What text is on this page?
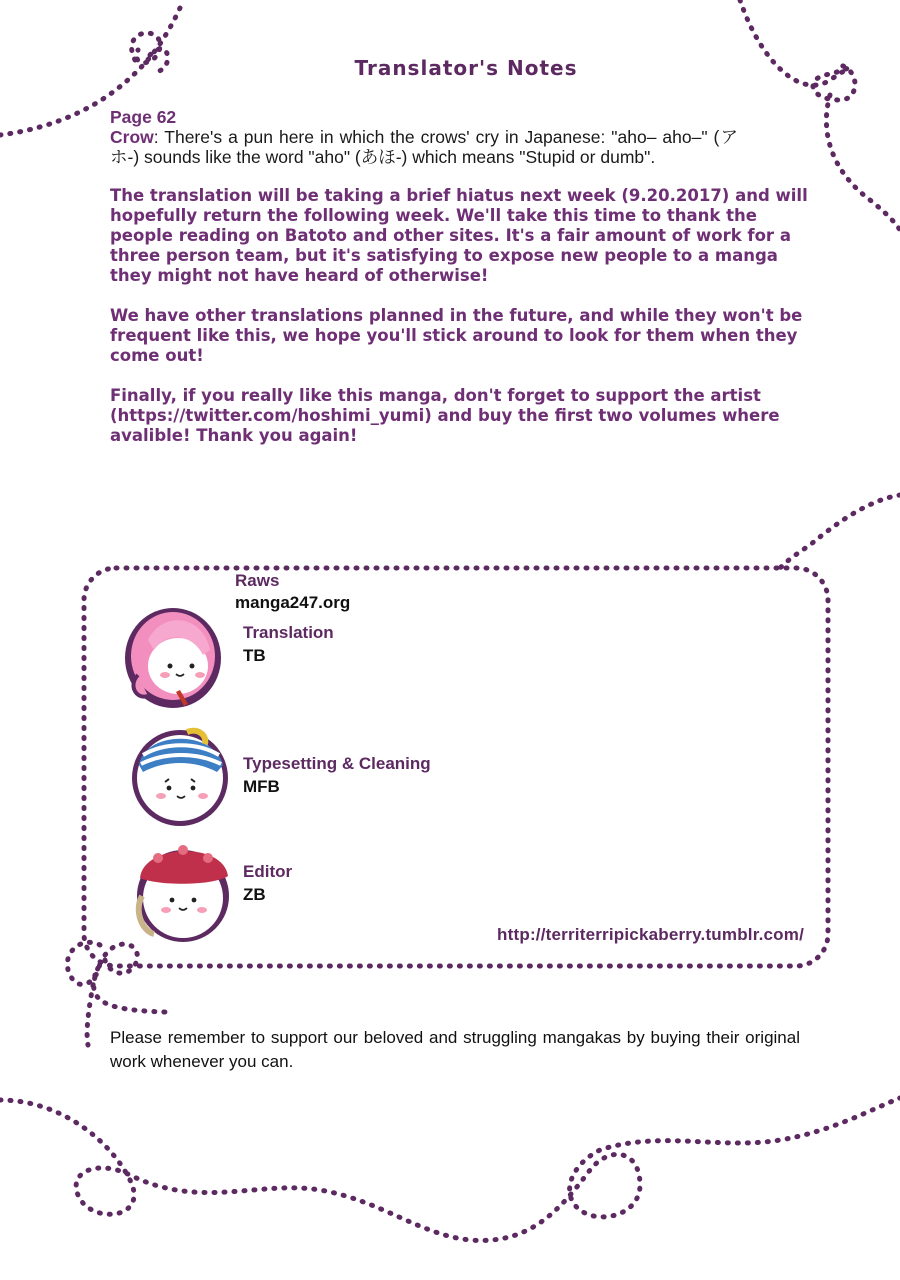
Translator's Notes

Page 62

Crow: There's a pun here in which the crows' cry in Japanese: "aho– aho–" (アホ-) sounds like the word "aho" (あほ-) which means "Stupid or dumb".

The translation will be taking a brief hiatus next week (9.20.2017) and will hopefully return the following week. We'll take this time to thank the people reading on Batoto and other sites. It's a fair amount of work for a three person team, but it's satisfying to expose new people to a manga they might not have heard of otherwise!

We have other translations planned in the future, and while they won't be frequent like this, we hope you'll stick around to look for them when they come out!

Finally, if you really like this manga, don't forget to support the artist (https://twitter.com/hoshimi_yumi) and buy the first two volumes where avalible! Thank you again!

Raws
manga247.org
Translation
TB
Typesetting & Cleaning
MFB
Editor
ZB
http://territerripickaberry.tumblr.com/
Please remember to support our beloved and struggling mangakas by buying their original work whenever you can.
